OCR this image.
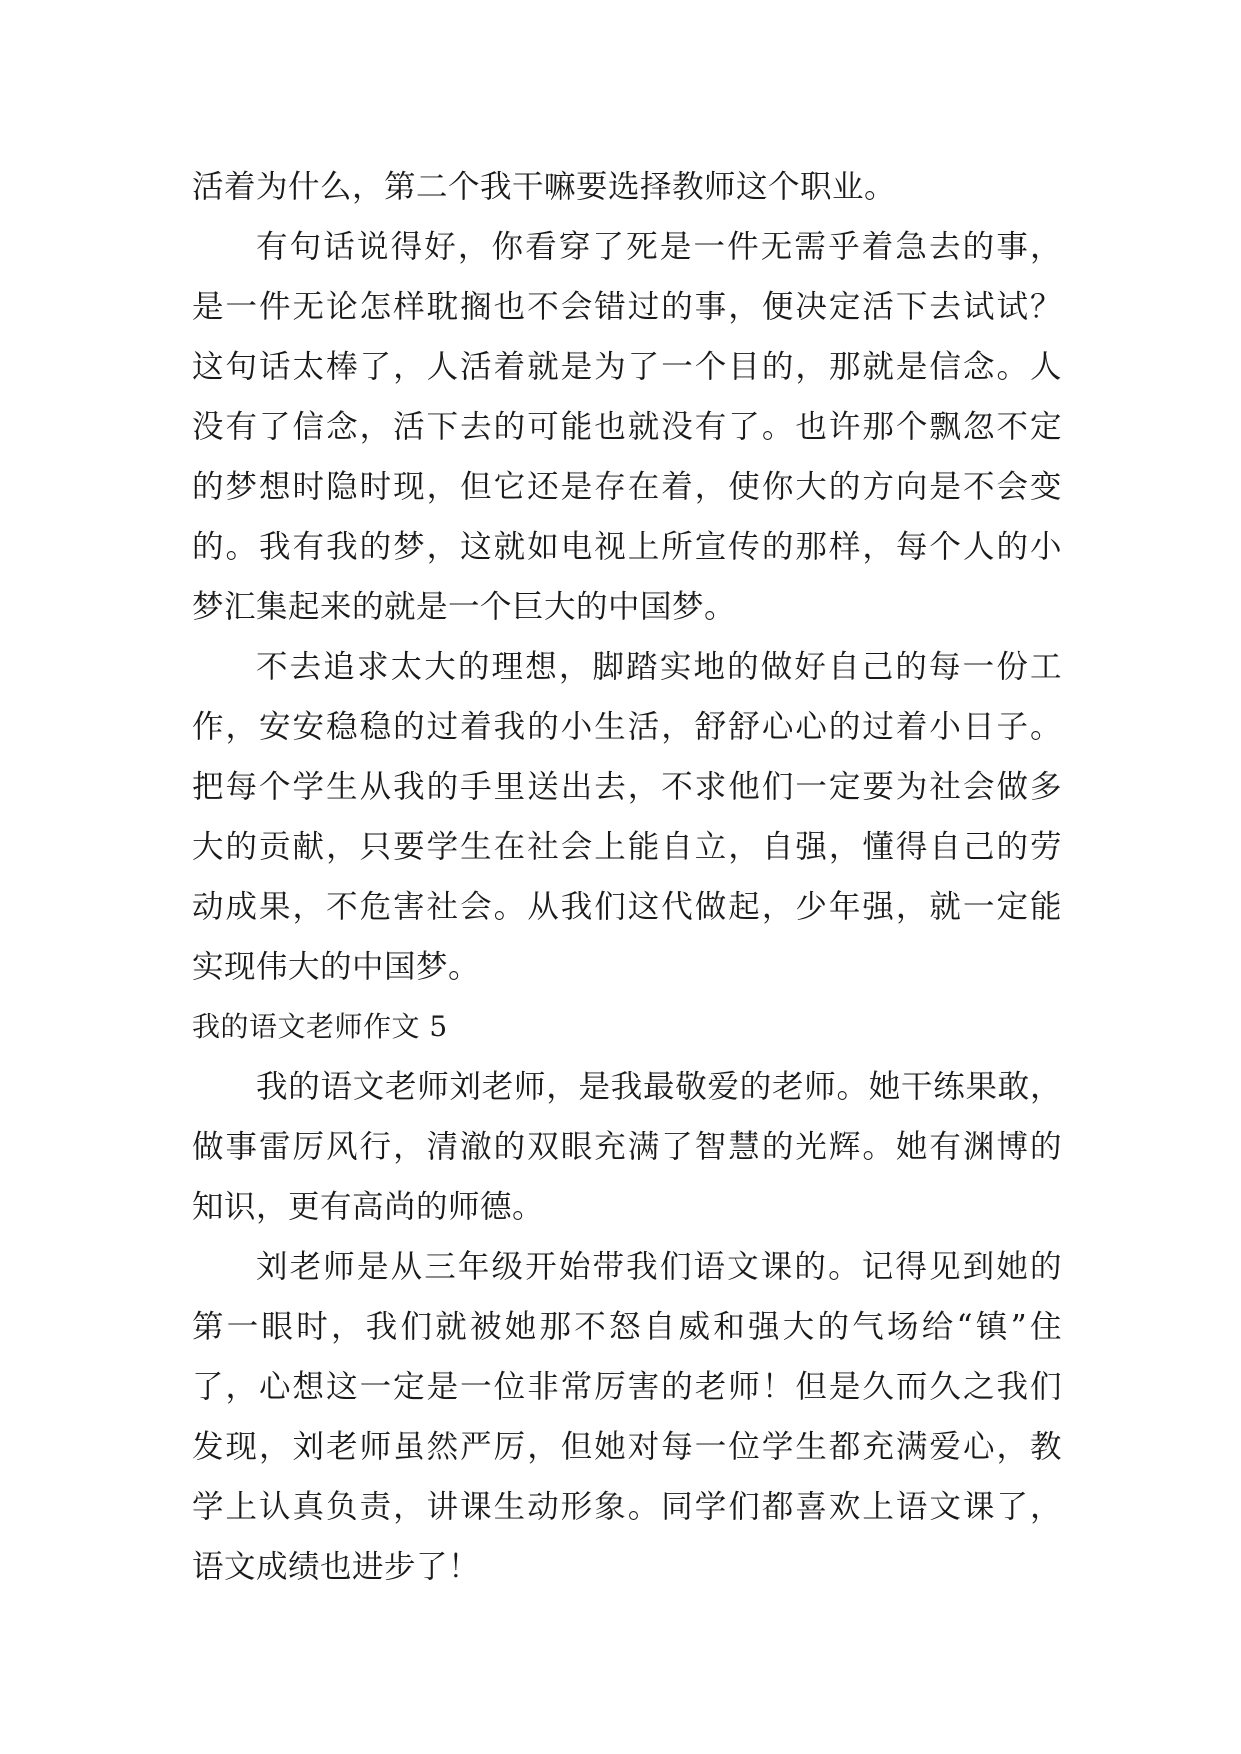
活着为什么，第二个我干嘛要选择教师这个职业。
有句话说得好，你看穿了死是一件无需乎着急去的事，
是一件无论怎样耽搁也不会错过的事，便决定活下去试试？
这句话太棒了，人活着就是为了一个目的，那就是信念。人
没有了信念，活下去的可能也就没有了。也许那个飘忽不定
的梦想时隐时现，但它还是存在着，使你大的方向是不会变
的。我有我的梦，这就如电视上所宣传的那样，每个人的小
梦汇集起来的就是一个巨大的中国梦。
不去追求太大的理想，脚踏实地的做好自己的每一份工
作，安安稳稳的过着我的小生活，舒舒心心的过着小日子。
把每个学生从我的手里送出去，不求他们一定要为社会做多
大的贡献，只要学生在社会上能自立，自强，懂得自己的劳
动成果，不危害社会。从我们这代做起，少年强，就一定能
实现伟大的中国梦。
我的语文老师作文 5
我的语文老师刘老师，是我最敬爱的老师。她干练果敢，
做事雷厉风行，清澈的双眼充满了智慧的光辉。她有渊博的
知识，更有高尚的师德。
刘老师是从三年级开始带我们语文课的。记得见到她的
第一眼时，我们就被她那不怒自威和强大的气场给“镇”住
了，心想这一定是一位非常厉害的老师！但是久而久之我们
发现，刘老师虽然严厉，但她对每一位学生都充满爱心，教
学上认真负责，讲课生动形象。同学们都喜欢上语文课了，
语文成绩也进步了！
